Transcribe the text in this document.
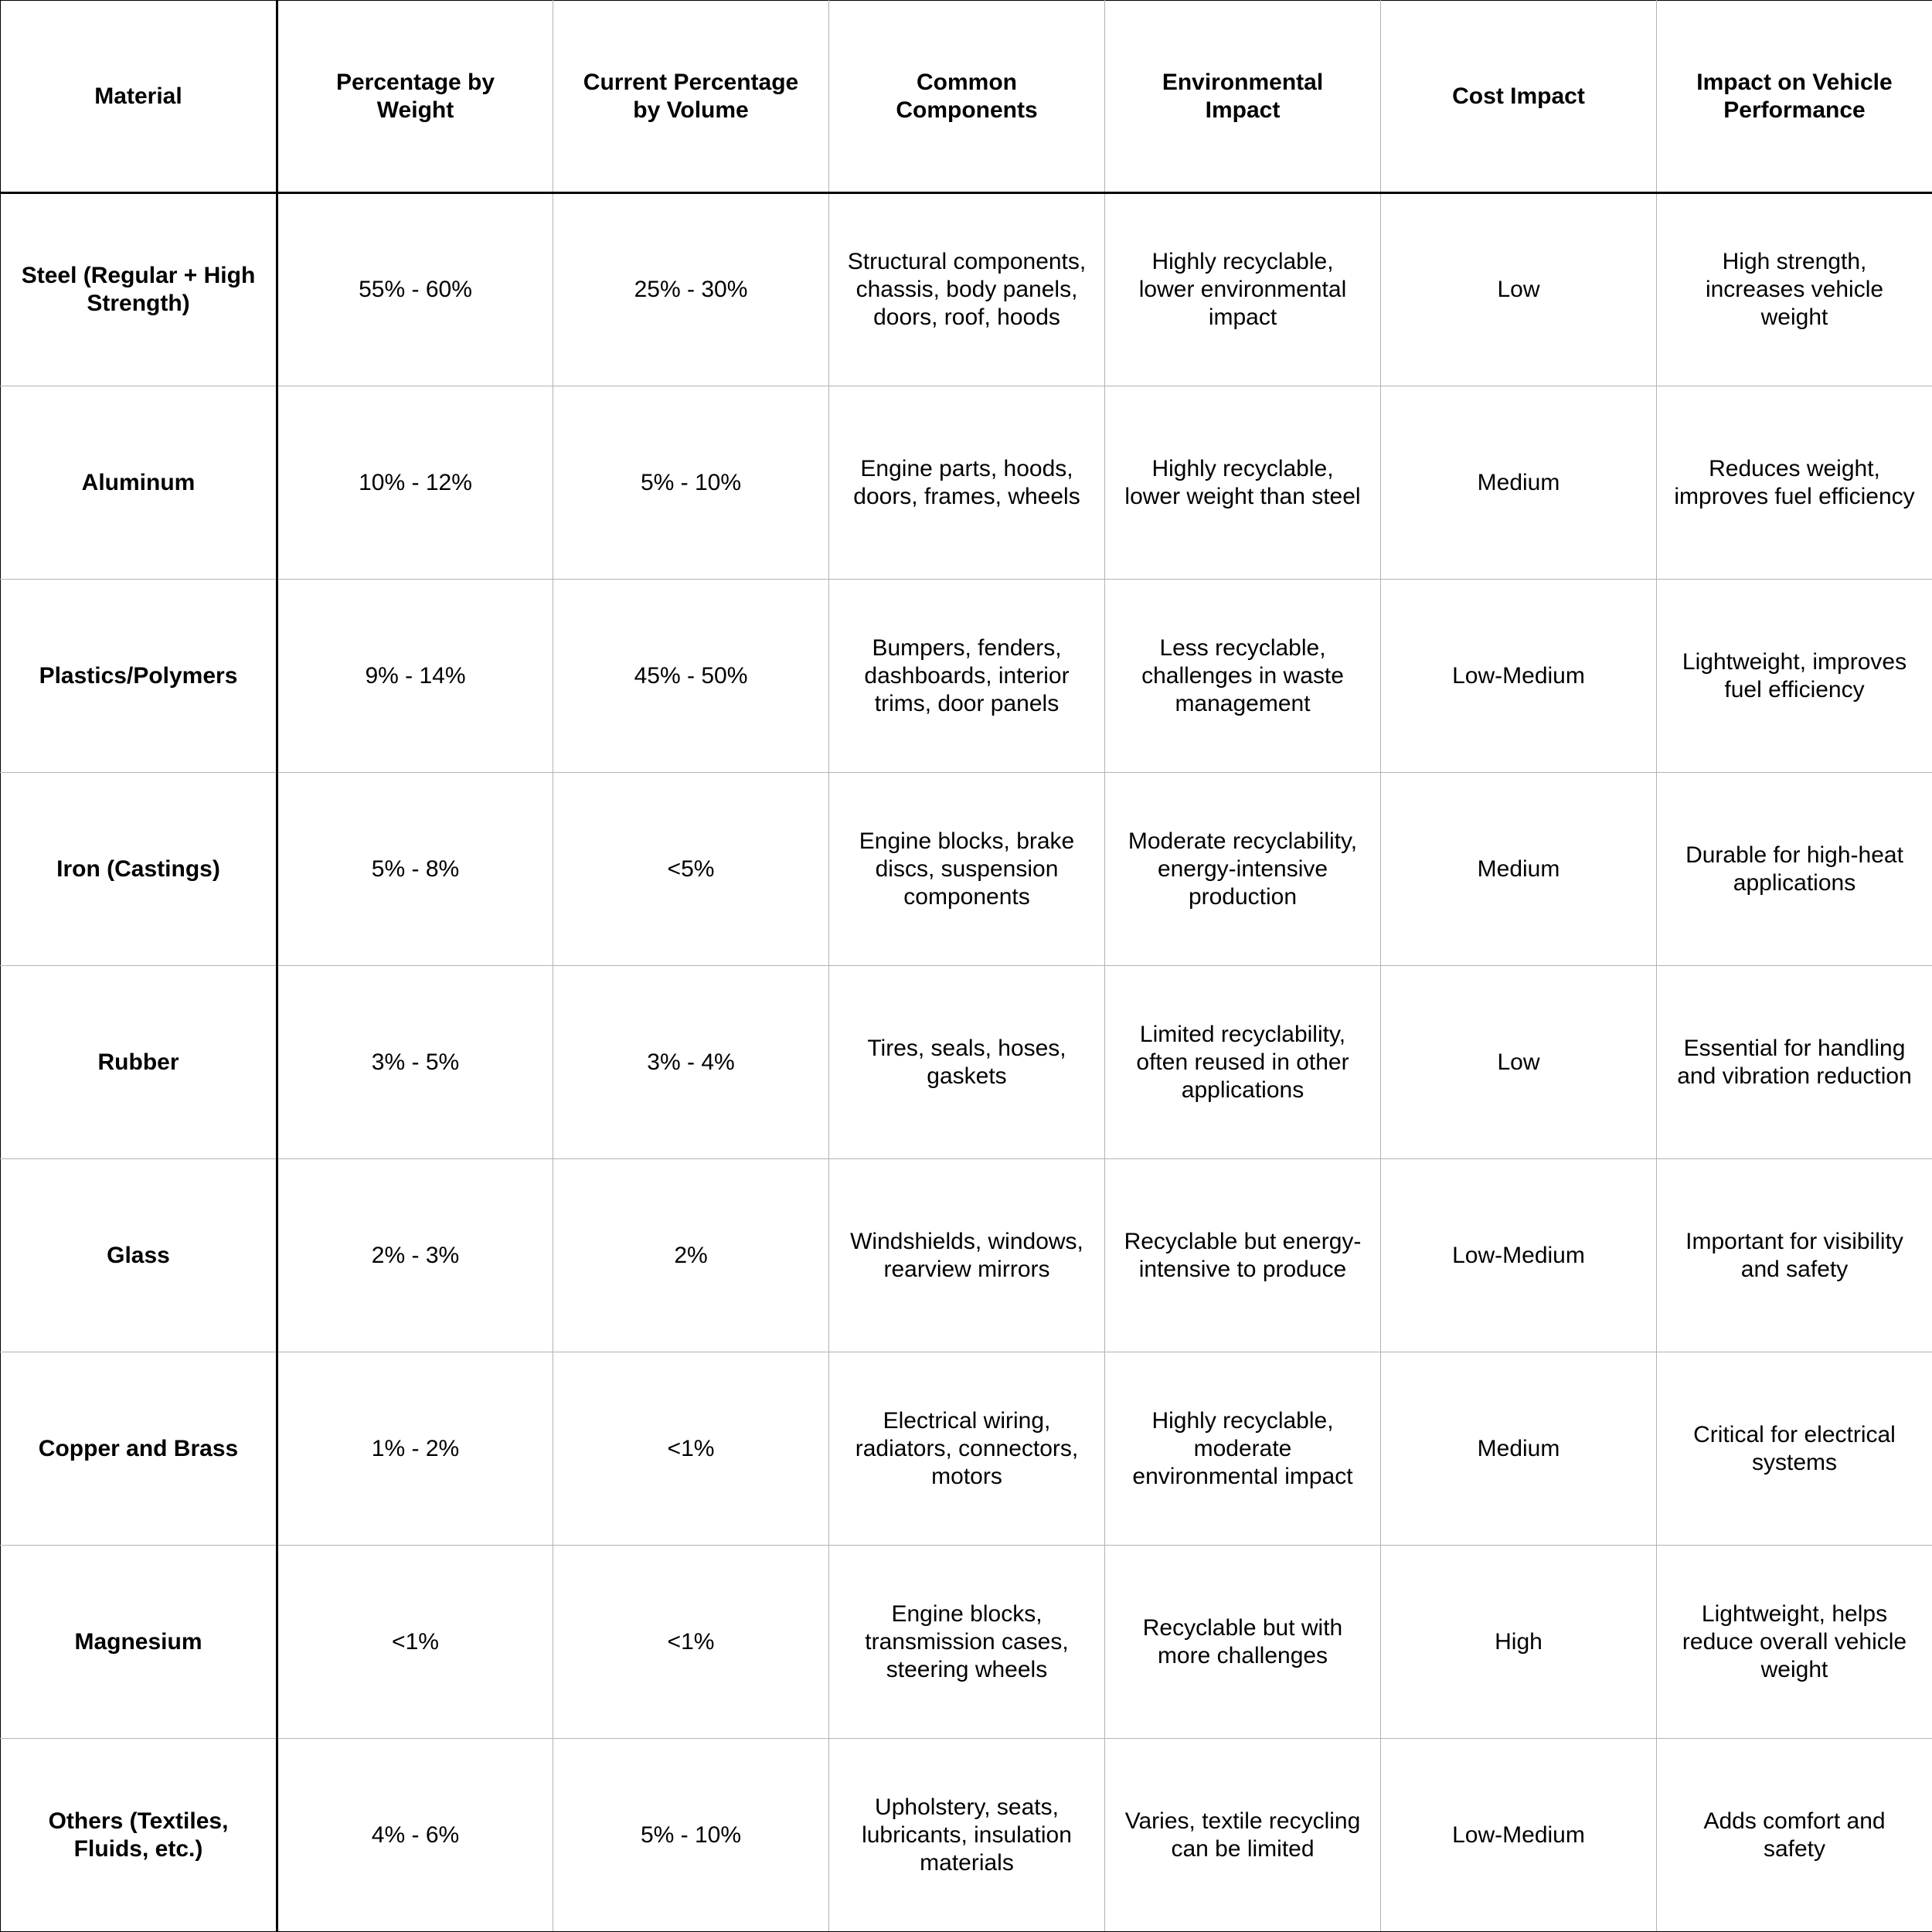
Material	Percentage by Weight	Current Percentage by Volume	Common Components	Environmental Impact	Cost Impact	Impact on Vehicle Performance
Steel (Regular + High Strength)	55% - 60%	25% - 30%	Structural components, chassis, body panels, doors, roof, hoods	Highly recyclable, lower environmental impact	Low	High strength, increases vehicle weight
Aluminum	10% - 12%	5% - 10%	Engine parts, hoods, doors, frames, wheels	Highly recyclable, lower weight than steel	Medium	Reduces weight, improves fuel efficiency
Plastics/Polymers	9% - 14%	45% - 50%	Bumpers, fenders, dashboards, interior trims, door panels	Less recyclable, challenges in waste management	Low-Medium	Lightweight, improves fuel efficiency
Iron (Castings)	5% - 8%	<5%	Engine blocks, brake discs, suspension components	Moderate recyclability, energy-intensive production	Medium	Durable for high-heat applications
Rubber	3% - 5%	3% - 4%	Tires, seals, hoses, gaskets	Limited recyclability, often reused in other applications	Low	Essential for handling and vibration reduction
Glass	2% - 3%	2%	Windshields, windows, rearview mirrors	Recyclable but energy-intensive to produce	Low-Medium	Important for visibility and safety
Copper and Brass	1% - 2%	<1%	Electrical wiring, radiators, connectors, motors	Highly recyclable, moderate environmental impact	Medium	Critical for electrical systems
Magnesium	<1%	<1%	Engine blocks, transmission cases, steering wheels	Recyclable but with more challenges	High	Lightweight, helps reduce overall vehicle weight
Others (Textiles, Fluids, etc.)	4% - 6%	5% - 10%	Upholstery, seats, lubricants, insulation materials	Varies, textile recycling can be limited	Low-Medium	Adds comfort and safety
